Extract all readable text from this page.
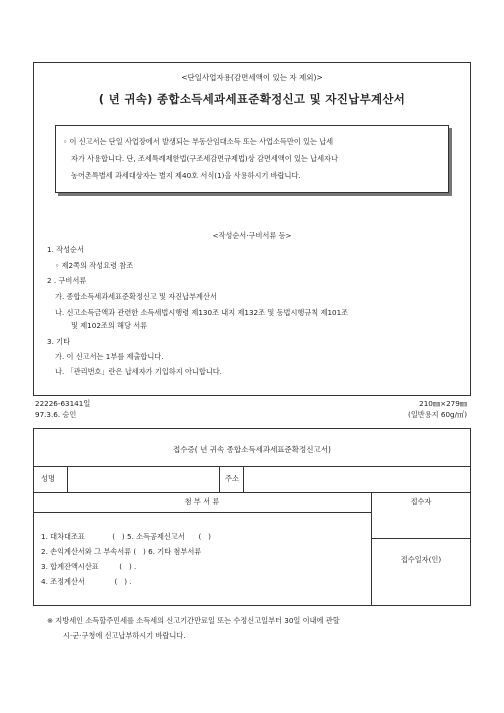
<단일사업자용(감면세액이 있는 자 제외)>
( 년 귀속) 종합소득세과세표준확정신고 및 자진납부계산서
◦ 이 신고서는 단일 사업장에서 발생되는 부동산임대소득 또는 사업소득만이 있는 납세
자가 사용합니다. 단, 조세특례제한법(구조세감면규제법)상 감면세액이 있는 납세자나
농어촌특별세 과세대상자는 별지 제40호 서식(1)을 사용하시기 바랍니다.
<작성순서·구비서류 등>
1. 작성순서
◦ 제2쪽의 작성요령 참조
2 . 구비서류
가. 종합소득세과세표준확정신고 및 자진납부계산서
나. 신고소득금액과 관련한 소득세법시행령 제130조 내지 제132조 및 동법시행규칙 제101조
및 제102조의 해당 서류
3. 기타
가. 이 신고서는 1부를 제출합니다.
나. 「관리번호」란은 납세자가 기입하지 아니합니다.
22226-63141일
97.3.6. 승인
210㎜×279㎜
(일반용지 60g/㎡)
접수증( 년 귀속 종합소득세과세표준확정신고서)
성명	주소
첨 부 서 류	접수자
접수일자(인)
1. 대차대조표            (   ) 5. 소득공제신고서      (   )
2. 손익계산서와 그 부속서류 (   ) 6. 기타 첨부서류
3. 합계잔액시산표         (   ) .
4. 조정계산서             (   ) .
※ 지방세인 소득할주민세를 소득세의 신고기간만료일 또는 수정신고일부터 30일 이내에 관할
시·군·구청에 신고납부하시기 바랍니다.
